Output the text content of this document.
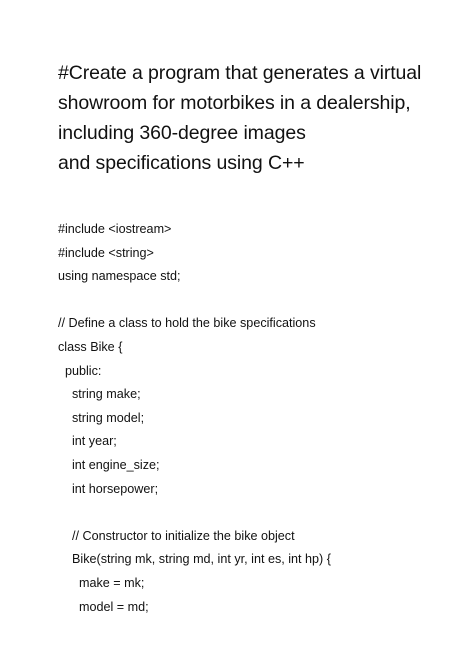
#Create a program that generates a virtual
showroom for motorbikes in a dealership,
including 360-degree images
and specifications using C++
#include <iostream>
#include <string>
using namespace std;
// Define a class to hold the bike specifications
class Bike {
public:
string make;
string model;
int year;
int engine_size;
int horsepower;
// Constructor to initialize the bike object
Bike(string mk, string md, int yr, int es, int hp) {
make = mk;
model = md;
